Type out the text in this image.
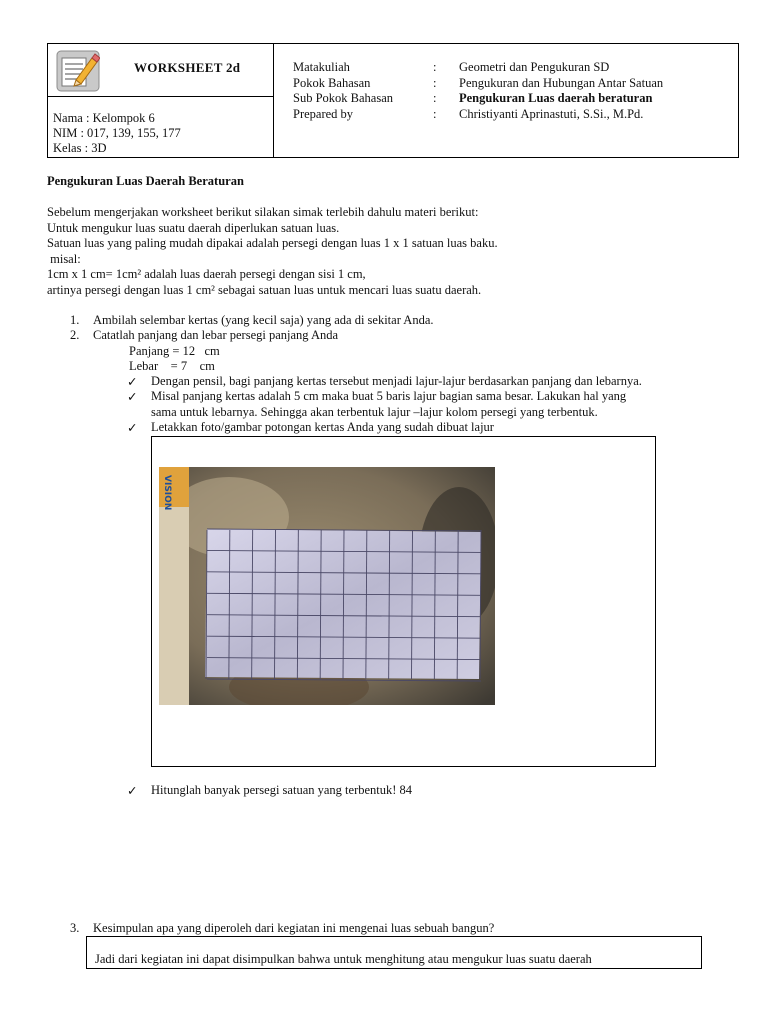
WORKSHEET 2d
Nama : Kelompok 6
NIM : 017, 139, 155, 177
Kelas : 3D
Matakuliah	: Geometri dan Pengukuran SD
Pokok Bahasan	: Pengukuran dan Hubungan Antar Satuan
Sub Pokok Bahasan	: Pengukuran Luas daerah beraturan
Prepared by	: Christiyanti Aprinastuti, S.Si., M.Pd.
Pengukuran Luas Daerah Beraturan
Sebelum mengerjakan worksheet berikut silakan simak terlebih dahulu materi berikut:
Untuk mengukur luas suatu daerah diperlukan satuan luas.
Satuan luas yang paling mudah dipakai adalah persegi dengan luas 1 x 1 satuan luas baku.
misal:
1cm x 1 cm= 1cm² adalah luas daerah persegi dengan sisi 1 cm,
artinya persegi dengan luas 1 cm² sebagai satuan luas untuk mencari luas suatu daerah.
1. Ambilah selembar kertas (yang kecil saja) yang ada di sekitar Anda.
2. Catatlah panjang dan lebar persegi panjang Anda
Panjang = 12   cm
Lebar    = 7    cm
✓ Dengan pensil, bagi panjang kertas tersebut menjadi lajur-lajur berdasarkan panjang dan lebarnya.
✓ Misal panjang kertas adalah 5 cm maka buat 5 baris lajur bagian sama besar. Lakukan hal yang
sama untuk lebarnya. Sehingga akan terbentuk lajur –lajur kolom persegi yang terbentuk.
✓ Letakkan foto/gambar potongan kertas Anda yang sudah dibuat lajur
VISION
✓ Hitunglah banyak persegi satuan yang terbentuk! 84
3. Kesimpulan apa yang diperoleh dari kegiatan ini mengenai luas sebuah bangun?
Jadi dari kegiatan ini dapat disimpulkan bahwa untuk menghitung atau mengukur luas suatu daerah
